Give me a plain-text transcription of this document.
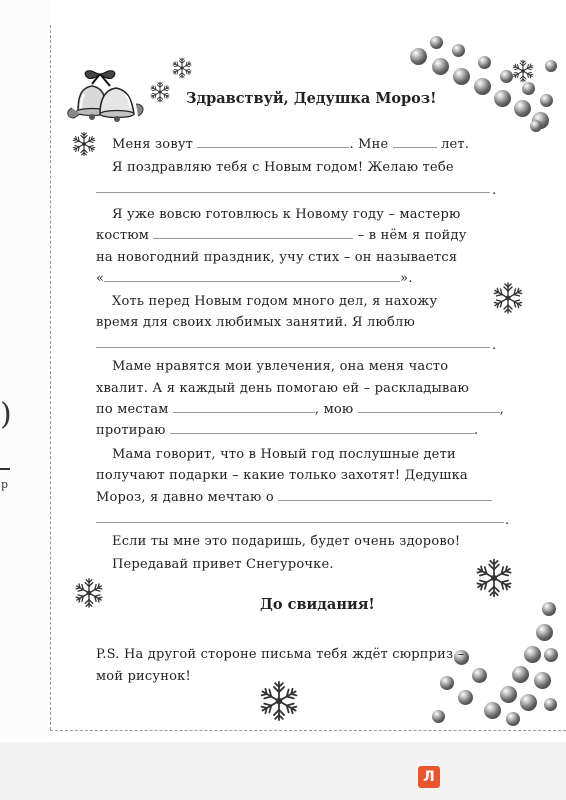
)
p
Здравствуй, Дедушка Мороз!
Меня зовут	. Мне	лет.
Я поздравляю тебя с Новым годом! Желаю тебе
.
Я уже вовсю готовлюсь к Новому году – мастерю
костюм	– в нём я пойду
на новогодний праздник, учу стих – он называется
«	».
Хоть перед Новым годом много дел, я нахожу
время для своих любимых занятий. Я люблю
.
Маме нравятся мои увлечения, она меня часто
хвалит. А я каждый день помогаю ей – раскладываю
по местам	, мою	,
протираю	.
Мама говорит, что в Новый год послушные дети
получают подарки – какие только захотят! Дедушка
Мороз, я давно мечтаю о
.
Если ты мне это подаришь, будет очень здорово!
Передавай привет Снегурочке.
До свидания!
P.S. На другой стороне письма тебя ждёт сюрприз –
мой рисунок!
Л
